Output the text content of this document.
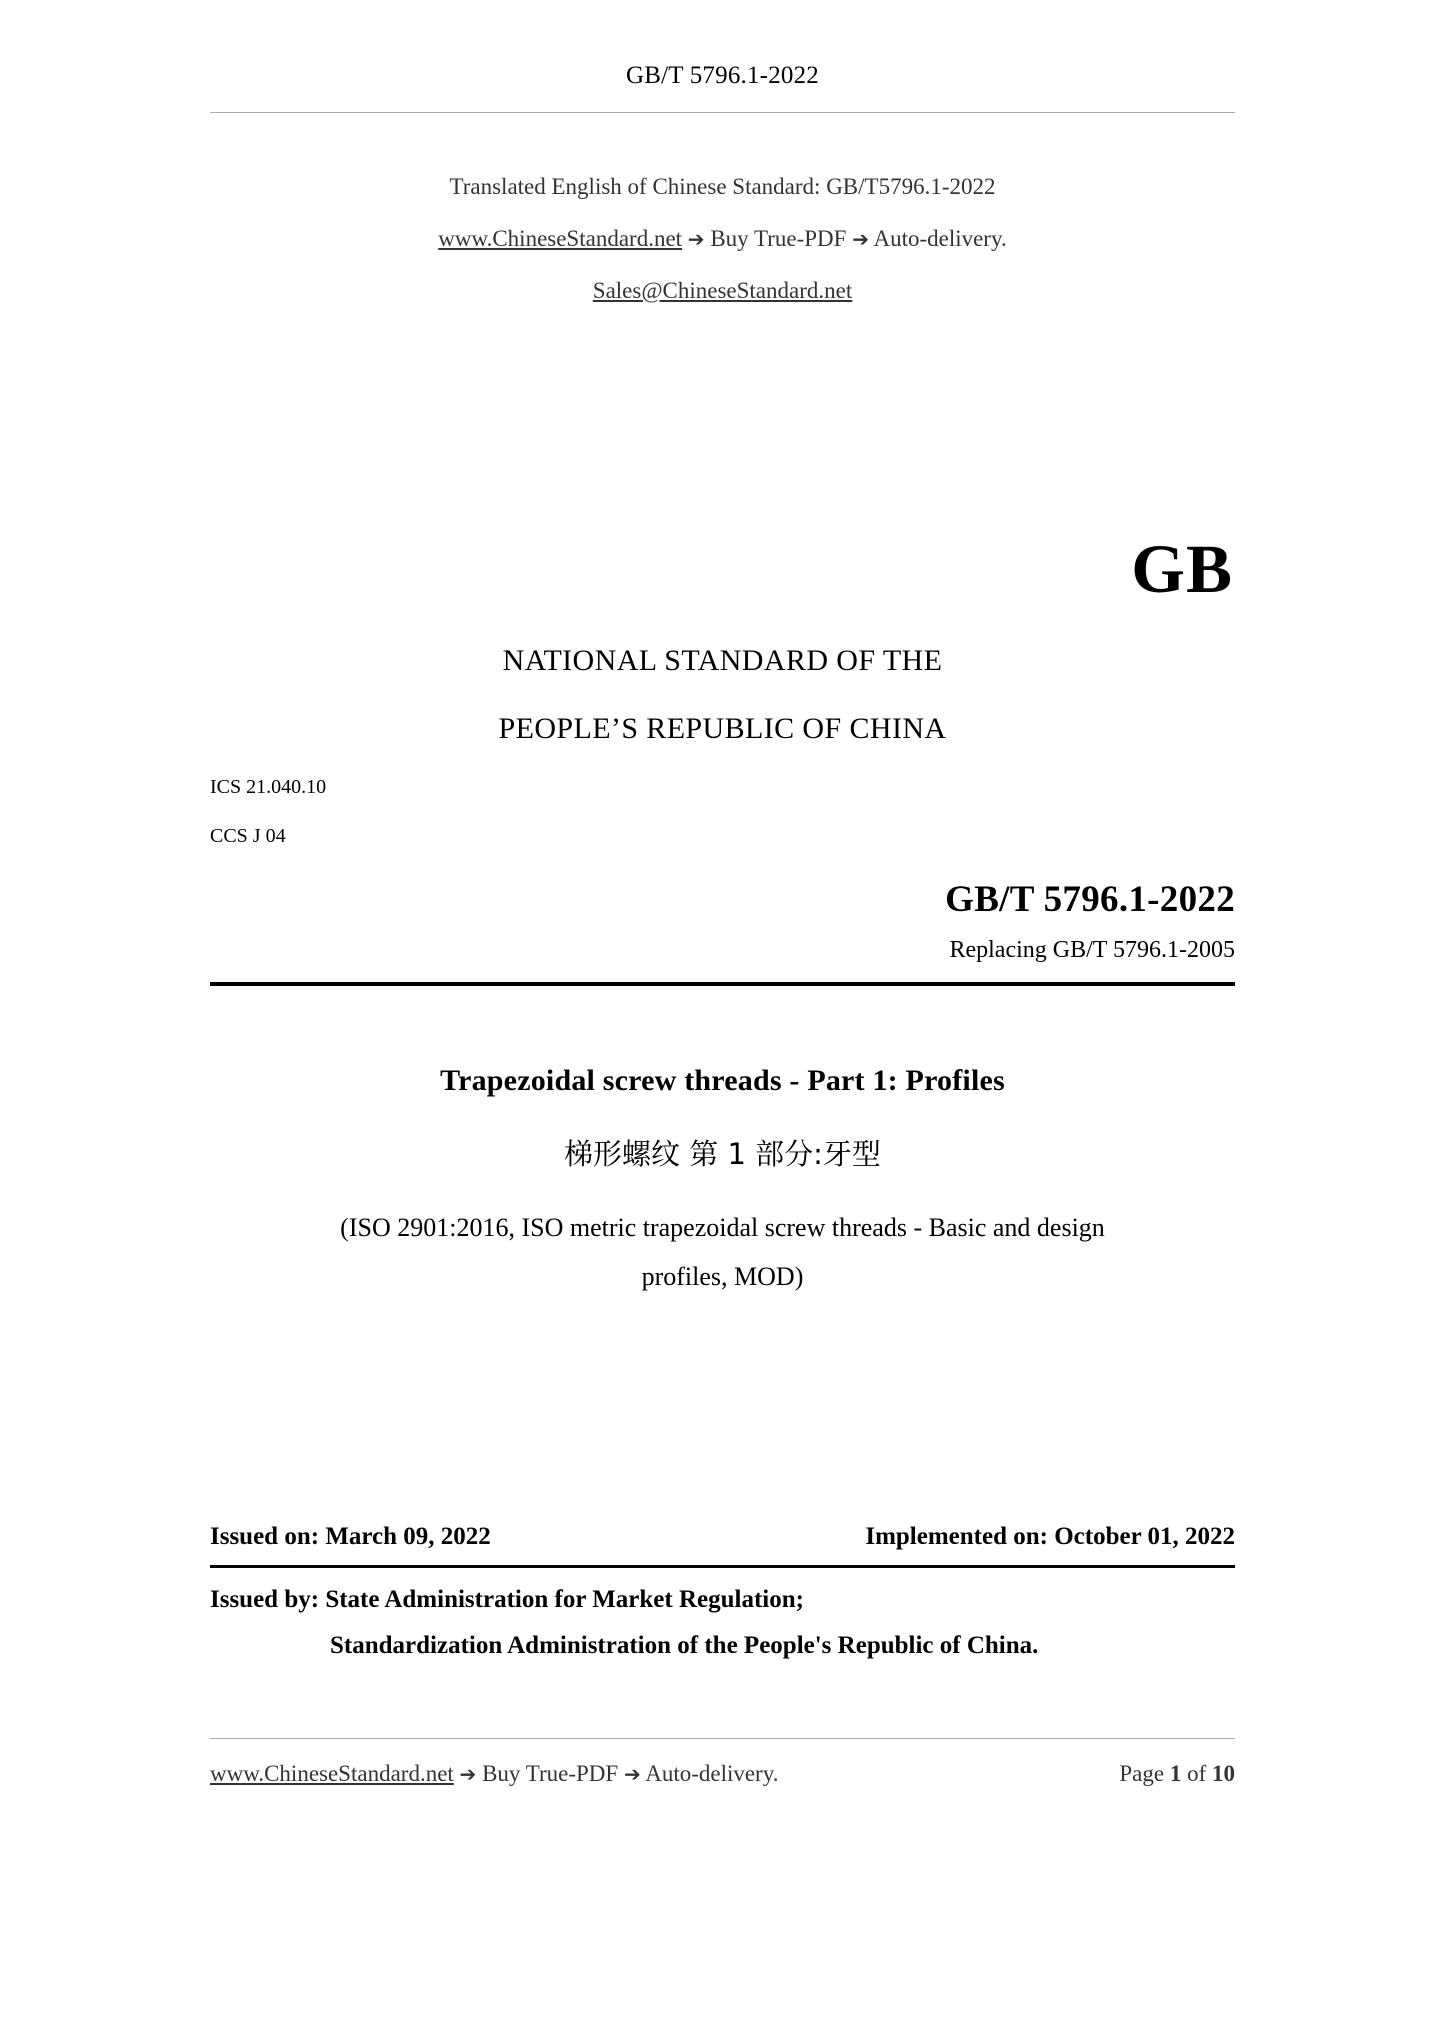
GB/T 5796.1-2022
Translated English of Chinese Standard: GB/T5796.1-2022
www.ChineseStandard.net ➔ Buy True-PDF ➔ Auto-delivery.
Sales@ChineseStandard.net
GB
NATIONAL STANDARD OF THE
PEOPLE’S REPUBLIC OF CHINA
ICS 21.040.10
CCS J 04
GB/T 5796.1-2022
Replacing GB/T 5796.1-2005
Trapezoidal screw threads - Part 1: Profiles
梯形螺纹 第 1 部分:牙型
(ISO 2901:2016, ISO metric trapezoidal screw threads - Basic and design
profiles, MOD)
Issued on: March 09, 2022	Implemented on: October 01, 2022
Issued by: State Administration for Market Regulation;
Standardization Administration of the People's Republic of China.
www.ChineseStandard.net ➔ Buy True-PDF ➔ Auto-delivery.	Page 1 of 10
